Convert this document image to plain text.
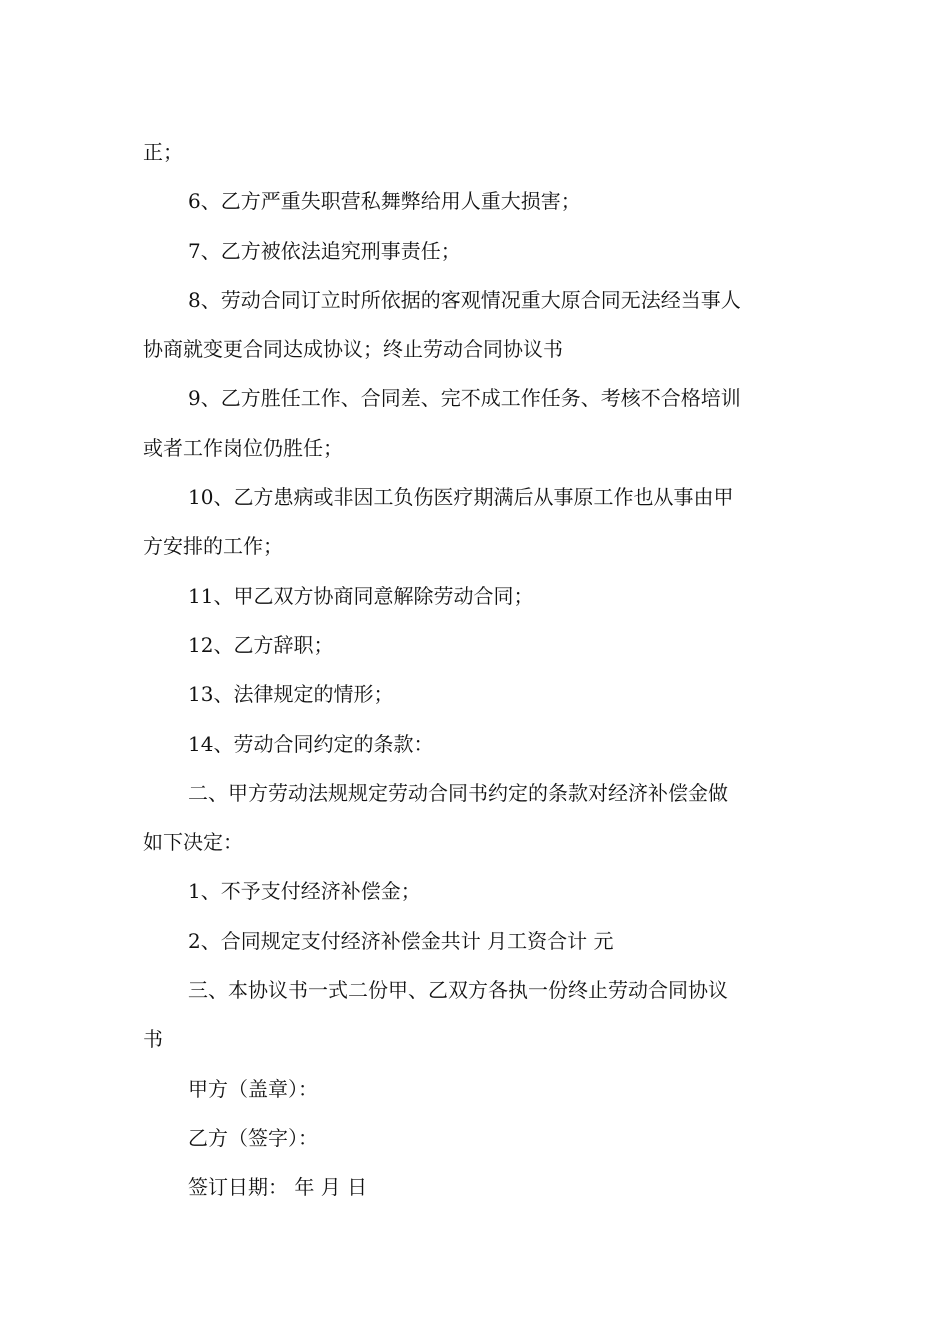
正；

6、乙方严重失职营私舞弊给用人重大损害；

7、乙方被依法追究刑事责任；

8、劳动合同订立时所依据的客观情况重大原合同无法经当事人

协商就变更合同达成协议；终止劳动合同协议书

9、乙方胜任工作、合同差、完不成工作任务、考核不合格培训

或者工作岗位仍胜任；

10、乙方患病或非因工负伤医疗期满后从事原工作也从事由甲

方安排的工作；

11、甲乙双方协商同意解除劳动合同；

12、乙方辞职；

13、法律规定的情形；

14、劳动合同约定的条款：

二、甲方劳动法规规定劳动合同书约定的条款对经济补偿金做

如下决定：

1、不予支付经济补偿金；

2、合同规定支付经济补偿金共计 月工资合计 元

三、本协议书一式二份甲、乙双方各执一份终止劳动合同协议

书

甲方（盖章）：

乙方（签字）：

签订日期： 年 月 日
